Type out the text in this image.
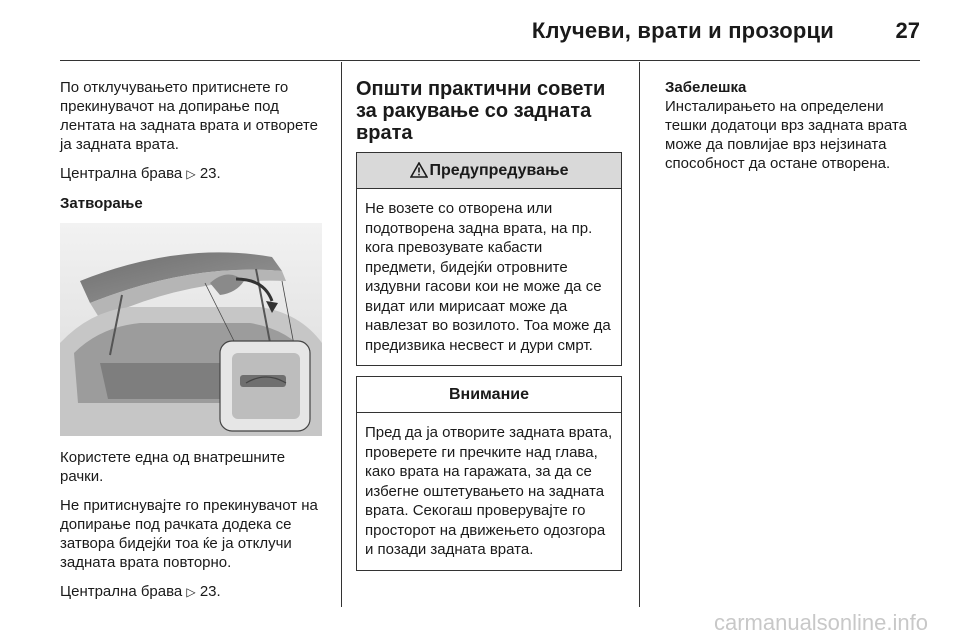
Клучеви, врати и прозорци	27

По отклучувањето притиснете го прекинувачот на допирање под лентата на задната врата и отворете ја задната врата.

Централна брава ▷ 23.

Затворање

Користете една од внатрешните рачки.

Не притиснувајте го прекинувачот на допирање под рачката додека се затвора бидејќи тоа ќе ја отклучи задната врата повторно.

Централна брава ▷ 23.

Општи практични совети за ракување со задната врата
Предупредување
Не возете со отворена или подотворена задна врата, на пр. кога превозувате кабасти предмети, бидејќи отровните издувни гасови кои не може да се видат или мирисаат може да навлезат во возилото. Тоа може да предизвика несвест и дури смрт.
Внимание
Пред да ја отворите задната врата, проверете ги пречките над глава, како врата на гаражата, за да се избегне оштетувањето на задната врата. Секогаш проверувајте го просторот на движењето одозгора и позади задната врата.
Забелешка
Инсталирањето на определени тешки додатоци врз задната врата може да повлијае врз нејзината способност да остане отворена.
carmanualsonline.info
